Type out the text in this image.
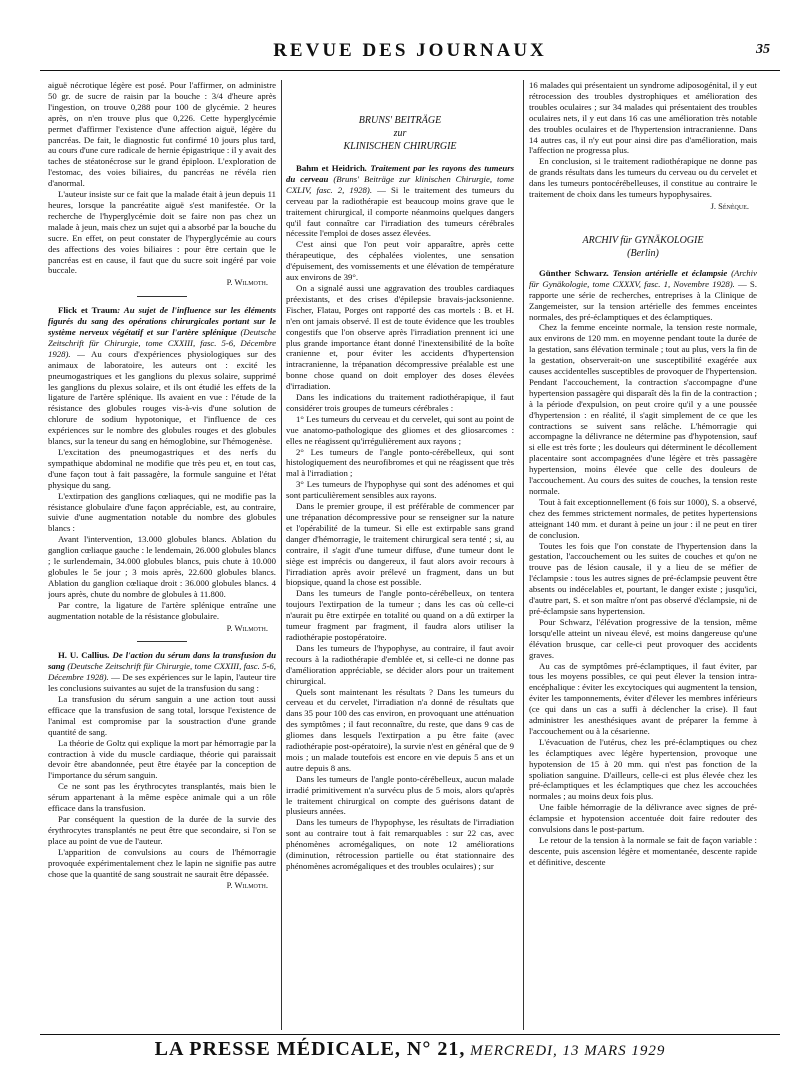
REVUE DES JOURNAUX	35

aiguë nécrotique légère est posé. Pour l'affirmer, on administre 50 gr. de sucre de raisin par la bouche : 3/4 d'heure après l'ingestion, on trouve 0,288 pour 100 de glycémie. 2 heures après, on n'en trouve plus que 0,226. Cette hyperglycémie permet d'affirmer l'existence d'une affection aiguë, légère du pancréas. De fait, le diagnostic fut confirmé 10 jours plus tard, au cours d'une cure radicale de hernie épigastrique : il y avait des taches de stéatonécrose sur le grand épiploon. L'exploration de l'estomac, des voies biliaires, du pancréas ne révéla rien d'anormal.

L'auteur insiste sur ce fait que la malade était à jeun depuis 11 heures, lorsque la pancréatite aiguë s'est manifestée. Or la recherche de l'hyperglycémie doit se faire non pas chez un malade à jeun, mais chez un sujet qui a absorbé par la bouche du sucre. En effet, on peut constater de l'hyperglycémie au cours des affections des voies biliaires : pour être certain que le pancréas est en cause, il faut que du sucre soit ingéré par voie buccale.

P. Wilmoth.

Flick et Traum: Au sujet de l'influence sur les éléments figurés du sang des opérations chirurgicales portant sur le système nerveux végétatif et sur l'artère splénique (Deutsche Zeitschrift für Chirurgie, tome CXXIII, fasc. 5-6, Décembre 1928). — Au cours d'expériences physiologiques sur des animaux de laboratoire, les auteurs ont : excité les pneumogastriques et les ganglions du plexus solaire, supprimé les ganglions du plexus solaire, et ils ont étudié les effets de la ligature de l'artère splénique. Ils avaient en vue : l'étude de la résistance des globules rouges vis-à-vis d'une solution de chlorure de sodium hypotonique, et l'influence de ces expériences sur le nombre des globules rouges et des globules blancs, sur la teneur du sang en hémoglobine, sur l'hémogenèse.

L'excitation des pneumogastriques et des nerfs du sympathique abdominal ne modifie que très peu et, en tout cas, d'une façon tout à fait passagère, la formule sanguine et l'état physique du sang.

L'extirpation des ganglions cœliaques, qui ne modifie pas la résistance globulaire d'une façon appréciable, est, au contraire, suivie d'une augmentation notable du nombre des globules blancs :

Avant l'intervention, 13.000 globules blancs. Ablation du ganglion cœliaque gauche : le lendemain, 26.000 globules blancs ; le surlendemain, 34.000 globules blancs, puis chute à 10.000 globules le 5e jour ; 3 mois après, 22.600 globules blancs. Ablation du ganglion cœliaque droit : 36.000 globules blancs. 4 jours après, chute du nombre de globules à 11.800.

Par contre, la ligature de l'artère splénique entraîne une augmentation notable de la résistance globulaire.

P. Wilmoth.

H. U. Callius. De l'action du sérum dans la transfusion du sang (Deutsche Zeitschrift für Chirurgie, tome CXXIII, fasc. 5-6, Décembre 1928). — De ses expériences sur le lapin, l'auteur tire les conclusions suivantes au sujet de la transfusion du sang :

La transfusion du sérum sanguin a une action tout aussi efficace que la transfusion de sang total, lorsque l'existence de l'animal est compromise par la soustraction d'une grande quantité de sang.

La théorie de Goltz qui explique la mort par hémorragie par la contraction à vide du muscle cardiaque, théorie qui paraissait devoir être abandonnée, peut être étayée par la conception de l'importance du sérum sanguin.

Ce ne sont pas les érythrocytes transplantés, mais bien le sérum appartenant à la même espèce animale qui a un rôle efficace dans la transfusion.

Par conséquent la question de la durée de la survie des érythrocytes transplantés ne peut être que secondaire, si l'on se place au point de vue de l'auteur.

L'apparition de convulsions au cours de l'hémorragie provoquée expérimentalement chez le lapin ne signifie pas autre chose que la quantité de sang soustrait ne saurait être dépassée.

P. Wilmoth.
BRUNS' BEITRÄGE
zur
KLINISCHEN CHIRURGIE

Bahm et Heidrich. Traitement par les rayons des tumeurs du cerveau (Bruns' Beiträge zur klinischen Chirurgie, tome CXLIV, fasc. 2, 1928). — Si le traitement des tumeurs du cerveau par la radiothérapie est beaucoup moins grave que le traitement chirurgical, il comporte néanmoins quelques dangers qu'il faut connaître car l'irradiation des tumeurs cérébrales nécessite l'emploi de doses assez élevées.

C'est ainsi que l'on peut voir apparaître, après cette thérapeutique, des céphalées violentes, une sensation d'épuisement, des vomissements et une élévation de température aux environs de 39°.

On a signalé aussi une aggravation des troubles cardiaques préexistants, et des crises d'épilepsie bravais-jacksonienne. Fischer, Flatau, Porges ont rapporté des cas mortels : B. et H. n'en ont jamais observé. Il est de toute évidence que les troubles congestifs que l'on observe après l'irradiation prennent ici une plus grande importance étant donné l'inextensibilité de la boîte cranienne et, pour éviter les accidents d'hypertension intracranienne, la trépanation décompressive préalable est une bonne chose quand on doit employer des doses élevées d'irradiation.

Dans les indications du traitement radiothérapique, il faut considérer trois groupes de tumeurs cérébrales :

1° Les tumeurs du cerveau et du cervelet, qui sont au point de vue anatomo-pathologique des gliomes et des gliosarcomes : elles ne réagissent qu'irrégulièrement aux rayons ;

2° Les tumeurs de l'angle ponto-cérébelleux, qui sont histologiquement des neurofibromes et qui ne réagissent que très mal à l'irradiation ;

3° Les tumeurs de l'hypophyse qui sont des adénomes et qui sont particulièrement sensibles aux rayons.

Dans le premier groupe, il est préférable de commencer par une trépanation décompressive pour se renseigner sur la nature et l'opérabilité de la tumeur. Si elle est extirpable sans grand danger d'hémorragie, le traitement chirurgical sera tenté ; si, au contraire, il s'agit d'une tumeur diffuse, d'une tumeur dont le siège est imprécis ou dangereux, il faut alors avoir recours à l'irradiation après avoir prélevé un fragment, dans un but biopsique, quand la chose est possible.

Dans les tumeurs de l'angle ponto-cérébelleux, on tentera toujours l'extirpation de la tumeur ; dans les cas où celle-ci n'aurait pu être extirpée en totalité ou quand on a dû extirper la tumeur fragment par fragment, il faudra alors utiliser la radiothérapie postopératoire.

Dans les tumeurs de l'hypophyse, au contraire, il faut avoir recours à la radiothérapie d'emblée et, si celle-ci ne donne pas d'amélioration appréciable, se décider alors pour un traitement chirurgical.

Quels sont maintenant les résultats ? Dans les tumeurs du cerveau et du cervelet, l'irradiation n'a donné de résultats que dans 35 pour 100 des cas environ, en provoquant une atténuation des symptômes ; il faut reconnaître, du reste, que dans 9 cas de gliomes dans lesquels l'extirpation a pu être faite (avec radiothérapie post-opératoire), la survie n'est en général que de 9 mois ; un malade toutefois est encore en vie depuis 5 ans et un autre depuis 8 ans.

Dans les tumeurs de l'angle ponto-cérébelleux, aucun malade irradié primitivement n'a survécu plus de 5 mois, alors qu'après le traitement chirurgical on compte des guérisons datant de plusieurs années.

Dans les tumeurs de l'hypophyse, les résultats de l'irradiation sont au contraire tout à fait remarquables : sur 22 cas, avec phénomènes acromégaliques, on note 12 améliorations (diminution, rétrocession partielle ou état stationnaire des phénomènes acromégaliques et des troubles oculaires) ; sur

16 malades qui présentaient un syndrome adiposogénital, il y eut rétrocession des troubles dystrophiques et amélioration des troubles oculaires ; sur 34 malades qui présentaient des troubles oculaires nets, il y eut dans 16 cas une amélioration très notable des troubles oculaires et de l'hypertension intracranienne. Dans 14 autres cas, il n'y eut pour ainsi dire pas d'amélioration, mais l'affection ne progressa plus.

En conclusion, si le traitement radiothérapique ne donne pas de grands résultats dans les tumeurs du cerveau ou du cervelet et dans les tumeurs pontocérébelleuses, il constitue au contraire le traitement de choix dans les tumeurs hypophysaires.

J. Sénèque.
ARCHIV für GYNÄKOLOGIE
(Berlin)

Günther Schwarz. Tension artérielle et éclampsie (Archiv für Gynäkologie, tome CXXXV, fasc. 1, Novembre 1928). — S. rapporte une série de recherches, entreprises à la Clinique de Zangemeister, sur la tension artérielle des femmes enceintes normales, des pré-éclamptiques et des éclamptiques.

Chez la femme enceinte normale, la tension reste normale, aux environs de 120 mm. en moyenne pendant toute la durée de la gestation, sans élévation terminale ; tout au plus, vers la fin de la gestation, observerait-on une susceptibilité exagérée aux causes accidentelles susceptibles de provoquer de l'hypertension. Pendant l'accouchement, la contraction s'accompagne d'une hypertension passagère qui disparaît dès la fin de la contraction ; à la période d'expulsion, on peut croire qu'il y a une poussée d'hypertension : en réalité, il s'agit simplement de ce que les contractions se suivent sans relâche. L'hémorragie qui accompagne la délivrance ne détermine pas d'hypotension, sauf si elle est très forte ; les douleurs qui déterminent le décollement placentaire sont accompagnées d'une légère et très passagère hypertension, moins élevée que celle des douleurs de l'accouchement. Au cours des suites de couches, la tension reste normale.

Tout à fait exceptionnellement (6 fois sur 1000), S. a observé, chez des femmes strictement normales, de petites hypertensions atteignant 140 mm. et durant à peine un jour : il ne peut en tirer de conclusion.

Toutes les fois que l'on constate de l'hypertension dans la gestation, l'accouchement ou les suites de couches et qu'on ne trouve pas de lésion causale, il y a lieu de se méfier de l'éclampsie : tous les autres signes de pré-éclampsie peuvent être absents ou indécelables et, pourtant, le danger existe ; jusqu'ici, d'autre part, S. et son maître n'ont pas observé d'éclampsie, ni de pré-éclampsie sans hypertension.

Pour Schwarz, l'élévation progressive de la tension, même lorsqu'elle atteint un niveau élevé, est moins dangereuse qu'une élévation brusque, car celle-ci peut provoquer des accidents graves.

Au cas de symptômes pré-éclamptiques, il faut éviter, par tous les moyens possibles, ce qui peut élever la tension intra-encéphalique : éviter les excytociques qui augmentent la tension, éviter les tamponnements, éviter d'élever les membres inférieurs (ce qui dans un cas a suffi à déclencher la crise). Il faut administrer les anesthésiques avant de préparer la femme à l'accouchement ou à la césarienne.

L'évacuation de l'utérus, chez les pré-éclamptiques ou chez les éclamptiques avec légère hypertension, provoque une hypotension de 15 à 20 mm. qui n'est pas fonction de la spoliation sanguine. D'ailleurs, celle-ci est plus élevée chez les pré-éclamptiques et les éclamptiques que chez les accouchées normales ; au moins deux fois plus.

Une faible hémorragie de la délivrance avec signes de pré-éclampsie et hypotension accentuée doit faire redouter des convulsions dans le post-partum.

Le retour de la tension à la normale se fait de façon variable : descente, puis ascension légère et momentanée, descente rapide et définitive, descente

LA PRESSE MÉDICALE, N° 21, MERCREDI, 13 MARS 1929
